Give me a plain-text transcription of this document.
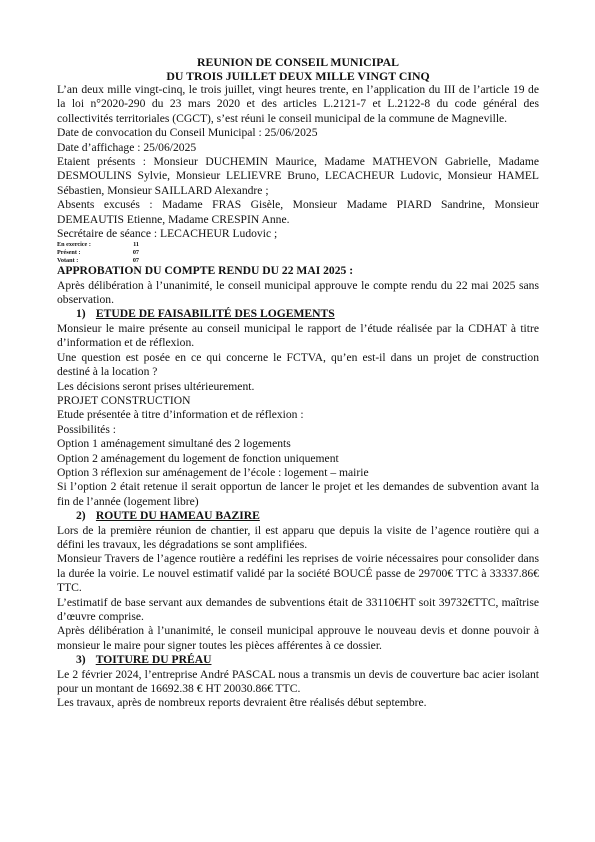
REUNION DE CONSEIL MUNICIPAL

DU TROIS JUILLET DEUX MILLE VINGT CINQ

L’an deux mille vingt-cinq, le trois juillet, vingt heures trente, en l’application du III de l’article 19 de la loi n°2020-290 du 23 mars 2020 et des articles L.2121-7 et L.2122-8 du code général des collectivités territoriales (CGCT), s’est réuni le conseil municipal de la commune de Magneville.

Date de convocation du Conseil Municipal : 25/06/2025

Date d’affichage : 25/06/2025

Etaient présents : Monsieur DUCHEMIN Maurice, Madame MATHEVON Gabrielle, Madame DESMOULINS Sylvie, Monsieur LELIEVRE Bruno, LECACHEUR Ludovic, Monsieur HAMEL Sébastien, Monsieur SAILLARD Alexandre ;

Absents excusés : Madame FRAS Gisèle, Monsieur Madame PIARD Sandrine, Monsieur DEMEAUTIS Etienne, Madame CRESPIN Anne.

Secrétaire de séance : LECACHEUR Ludovic ;

En exercice :	11
Présent :	07
Votant :	07

APPROBATION DU COMPTE RENDU DU 22 MAI 2025 :

Après délibération à l’unanimité, le conseil municipal approuve le compte rendu du 22 mai 2025 sans observation.

1) ETUDE DE FAISABILITÉ DES LOGEMENTS

Monsieur le maire présente au conseil municipal le rapport de l’étude réalisée par la CDHAT à titre d’information et de réflexion.

Une question est posée en ce qui concerne le FCTVA, qu’en est-il dans un projet de construction destiné à la location ?

Les décisions seront prises ultérieurement.

PROJET CONSTRUCTION

Etude présentée à titre d’information et de réflexion :

Possibilités :

Option 1 aménagement simultané des 2 logements

Option 2 aménagement du logement de fonction uniquement

Option 3 réflexion sur aménagement de l’école : logement – mairie

Si l’option 2 était retenue il serait opportun de lancer le projet et les demandes de subvention avant la fin de l’année (logement libre)

2) ROUTE DU HAMEAU BAZIRE

Lors de la première réunion de chantier, il est apparu que depuis la visite de l’agence routière qui a défini les travaux, les dégradations se sont amplifiées.

Monsieur Travers de l’agence routière a redéfini les reprises de voirie nécessaires pour consolider dans la durée la voirie. Le nouvel estimatif validé par la société BOUCÉ passe de 29700€ TTC à 33337.86€ TTC.

L’estimatif de base servant aux demandes de subventions était de 33110€HT soit 39732€TTC, maîtrise d’œuvre comprise.

Après délibération à l’unanimité, le conseil municipal approuve le nouveau devis et donne pouvoir à monsieur le maire pour signer toutes les pièces afférentes à ce dossier.

3) TOITURE DU PRÉAU

Le 2 février 2024, l’entreprise André PASCAL nous a transmis un devis de couverture bac acier isolant pour un montant de 16692.38 € HT 20030.86€ TTC.

Les travaux, après de nombreux reports devraient être réalisés début septembre.
